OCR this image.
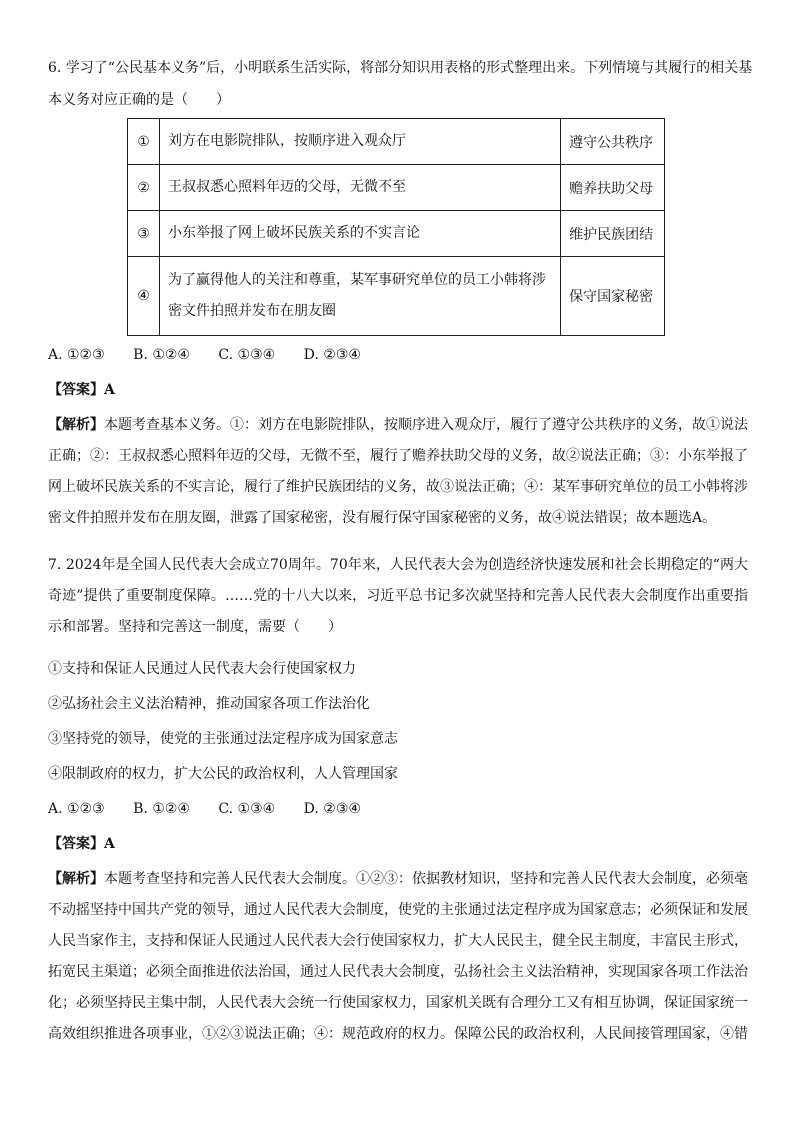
6. 学习了“公民基本义务”后，小明联系生活实际，将部分知识用表格的形式整理出来。下列情境与其履行的相关基
本义务对应正确的是（　　）
①	刘方在电影院排队，按顺序进入观众厅	遵守公共秩序
②	王叔叔悉心照料年迈的父母，无微不至	赡养扶助父母
③	小东举报了网上破坏民族关系的不实言论	维护民族团结
④	为了赢得他人的关注和尊重，某军事研究单位的员工小韩将涉密文件拍照并发布在朋友圈	保守国家秘密
A. ①②③ B. ①②④ C. ①③④ D. ②③④
【答案】A
【解析】本题考查基本义务。①：刘方在电影院排队，按顺序进入观众厅，履行了遵守公共秩序的义务，故①说法正确；②：王叔叔悉心照料年迈的父母，无微不至，履行了赡养扶助父母的义务，故②说法正确；③：小东举报了网上破坏民族关系的不实言论，履行了维护民族团结的义务，故③说法正确；④：某军事研究单位的员工小韩将涉密文件拍照并发布在朋友圈，泄露了国家秘密，没有履行保守国家秘密的义务，故④说法错误；故本题选A。
7. 2024年是全国人民代表大会成立70周年。70年来，人民代表大会为创造经济快速发展和社会长期稳定的“两大奇迹”提供了重要制度保障。……党的十八大以来，习近平总书记多次就坚持和完善人民代表大会制度作出重要指示和部署。坚持和完善这一制度，需要（　　）
①支持和保证人民通过人民代表大会行使国家权力
②弘扬社会主义法治精神，推动国家各项工作法治化
③坚持党的领导，使党的主张通过法定程序成为国家意志
④限制政府的权力，扩大公民的政治权利，人人管理国家
A. ①②③ B. ①②④ C. ①③④ D. ②③④
【答案】A
【解析】本题考查坚持和完善人民代表大会制度。①②③：依据教材知识，坚持和完善人民代表大会制度，必须毫不动摇坚持中国共产党的领导，通过人民代表大会制度，使党的主张通过法定程序成为国家意志；必须保证和发展人民当家作主，支持和保证人民通过人民代表大会行使国家权力，扩大人民民主，健全民主制度，丰富民主形式，拓宽民主渠道；必须全面推进依法治国，通过人民代表大会制度，弘扬社会主义法治精神，实现国家各项工作法治化；必须坚持民主集中制，人民代表大会统一行使国家权力，国家机关既有合理分工又有相互协调，保证国家统一高效组织推进各项事业，①②③说法正确；④：规范政府的权力。保障公民的政治权利，人民间接管理国家，④错
